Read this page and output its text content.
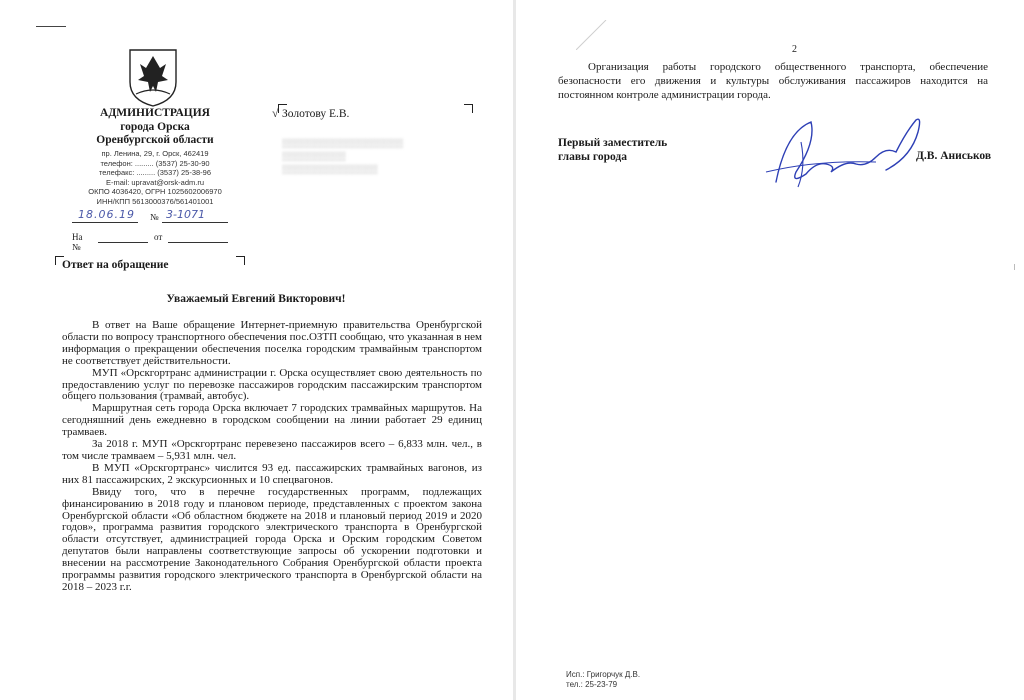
АДМИНИСТРАЦИЯ
города Орска
Оренбургской области
пр. Ленина, 29, г. Орск, 462419
телефон: ......... (3537) 25-30-90
телефакс: ......... (3537) 25-38-96
E-mail: upravat@orsk-adm.ru
ОКПО 4036420, ОГРН 1025602006970
ИНН/КПП 5613000376/561401001
18.06.19 № 3-1071
На №
от
√ Золотову Е.В.
▒▒▒▒▒▒▒▒▒▒▒▒▒▒▒▒▒▒▒
▒▒▒▒▒▒▒▒▒▒
▒▒▒▒▒▒▒▒▒▒▒▒▒▒▒
Ответ на обращение
Уважаемый Евгений Викторович!

В ответ на Ваше обращение Интернет-приемную правительства Оренбургской области по вопросу транспортного обеспечения пос.ОЗТП сообщаю, что указанная в нем информация о прекращении обеспечения поселка городским трамвайным транспортом не соответствует действительности.

МУП «Орскгортранс администрации г. Орска осуществляет свою деятельность по предоставлению услуг по перевозке пассажиров городским пассажирским транспортом общего пользования (трамвай, автобус).

Маршрутная сеть города Орска включает 7 городских трамвайных маршрутов. На сегодняшний день ежедневно в городском сообщении на линии работает 29 единиц трамваев.

За 2018 г. МУП «Орскгортранс перевезено пассажиров всего – 6,833 млн. чел., в том числе трамваем – 5,931 млн. чел.

В МУП «Орскгортранс» числится 93 ед. пассажирских трамвайных вагонов, из них 81 пассажирских, 2 экскурсионных и 10 спецвагонов.

Ввиду того, что в перечне государственных программ, подлежащих финансированию в 2018 году и плановом периоде, представленных с проектом закона Оренбургской области «Об областном бюджете на 2018 и плановый период 2019 и 2020 годов», программа развития городского электрического транспорта в Оренбургской области отсутствует, администрацией города Орска и Орским городским Советом депутатов были направлены соответствующие запросы об ускорении подготовки и внесении на рассмотрение Законодательного Собрания Оренбургской области проекта программы развития городского электрического транспорта в Оренбургской области на 2018 – 2023 г.г.

2
Организация работы городского общественного транспорта, обеспечение безопасности его движения и культуры обслуживания пассажиров находится на постоянном контроле администрации города.
Первый заместитель
главы города	Д.В. Аниськов
Исп.: Григорчук Д.В.
тел.: 25-23-79
